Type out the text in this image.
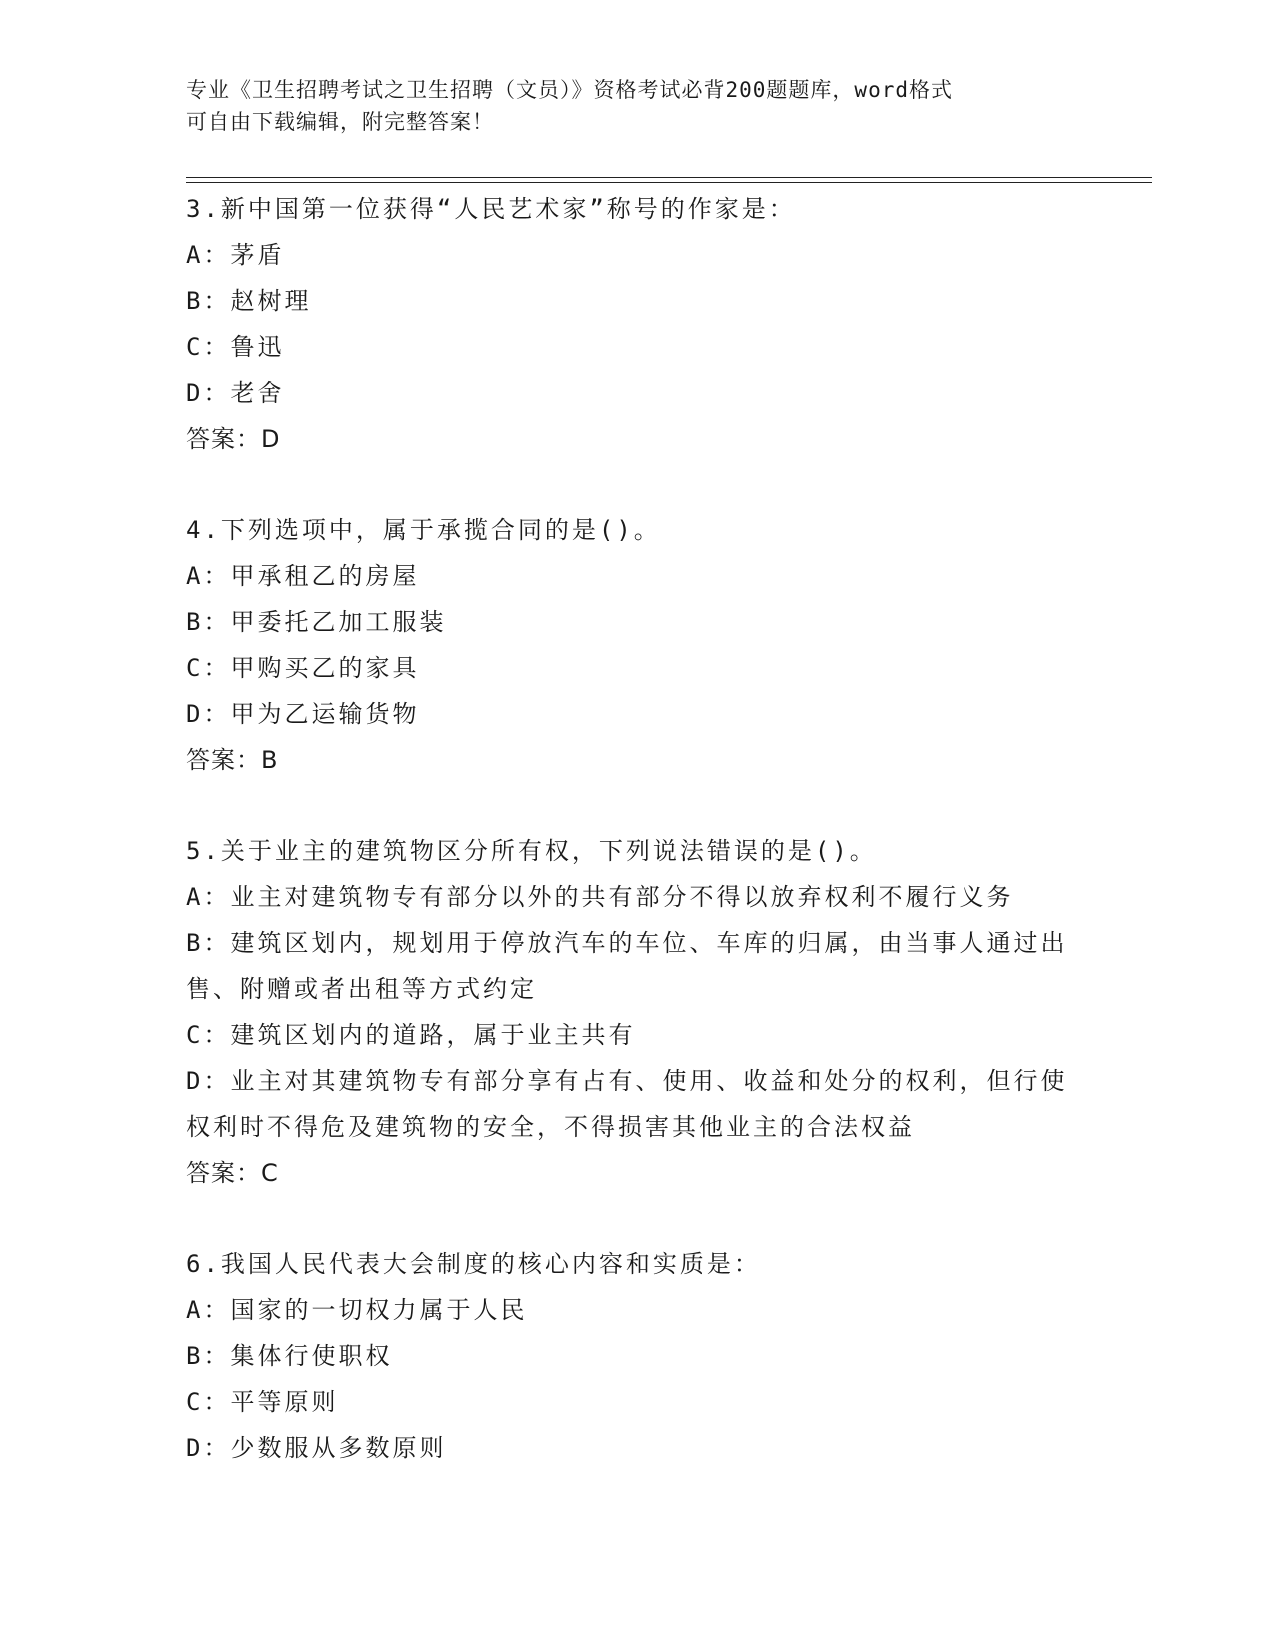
专业《卫生招聘考试之卫生招聘（文员）》资格考试必背200题题库，word格式
可自由下载编辑，附完整答案！
3.新中国第一位获得“人民艺术家”称号的作家是：
A：茅盾
B：赵树理
C：鲁迅
D：老舍
答案：D
4.下列选项中，属于承揽合同的是()。
A：甲承租乙的房屋
B：甲委托乙加工服装
C：甲购买乙的家具
D：甲为乙运输货物
答案：B
5.关于业主的建筑物区分所有权，下列说法错误的是()。
A：业主对建筑物专有部分以外的共有部分不得以放弃权利不履行义务
B：建筑区划内，规划用于停放汽车的车位、车库的归属，由当事人通过出售、附赠或者出租等方式约定
C：建筑区划内的道路，属于业主共有
D：业主对其建筑物专有部分享有占有、使用、收益和处分的权利，但行使权利时不得危及建筑物的安全，不得损害其他业主的合法权益
答案：C
6.我国人民代表大会制度的核心内容和实质是：
A：国家的一切权力属于人民
B：集体行使职权
C：平等原则
D：少数服从多数原则
